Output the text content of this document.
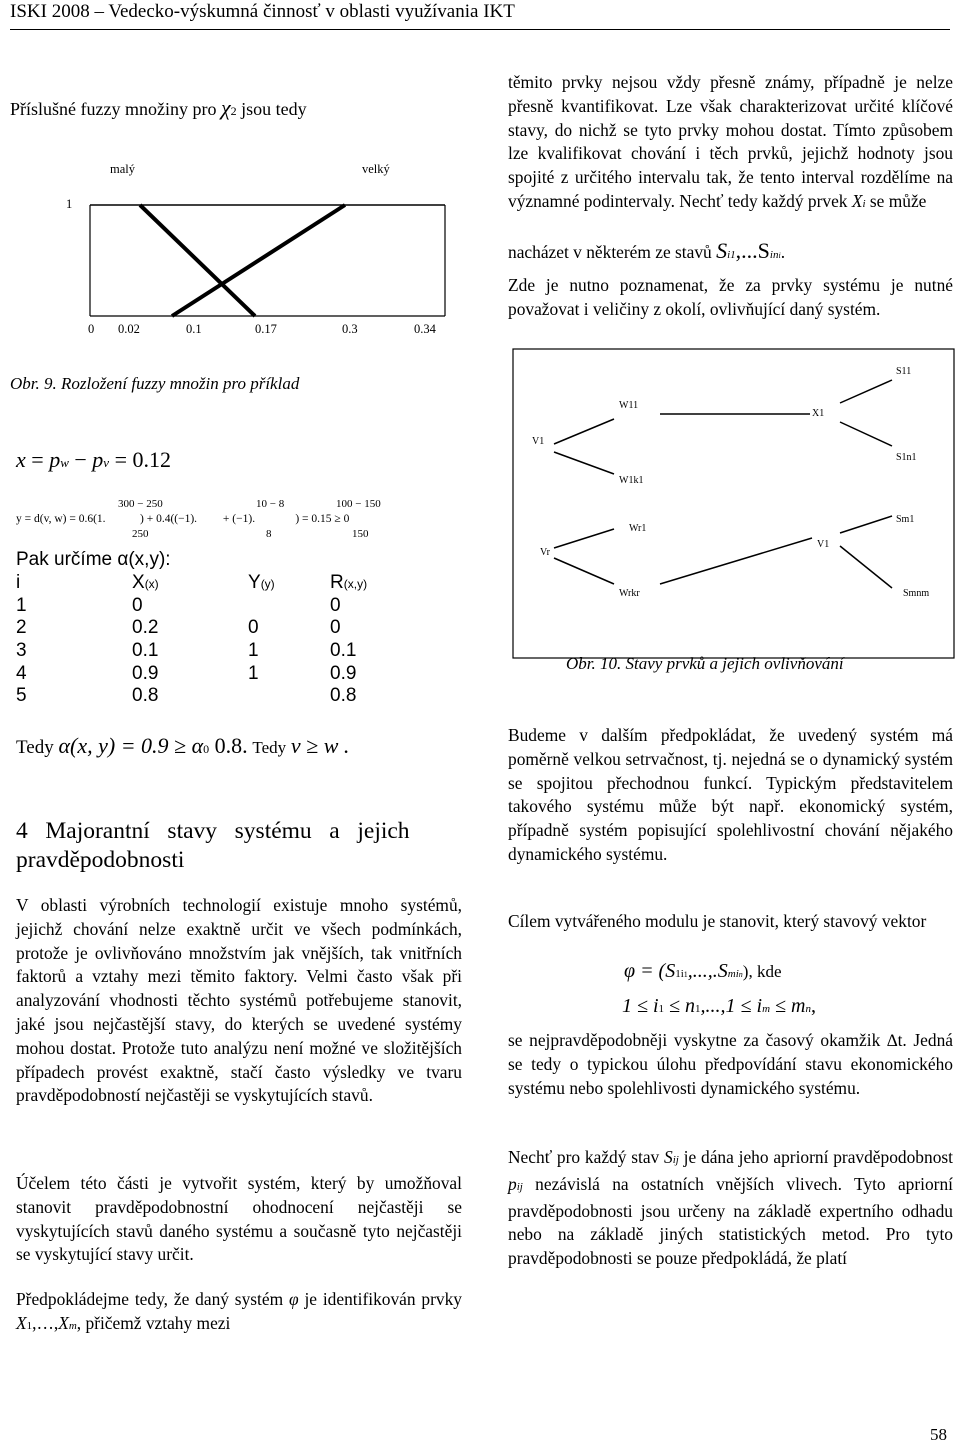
ISKI 2008 – Vedecko-výskumná činnosť v oblasti využívania IKT
Příslušné fuzzy množiny pro χ2 jsou tedy
malý	velký
1
0 0.02	0.1	0.17	0.3	0.34
Obr. 9. Rozložení fuzzy množin pro příklad
x = pw − pv = 0.12
300 − 250	10 − 8	100 − 150
y = d(v, w) = 0.6(1.            ) + 0.4((−1).         + (−1).              ) = 0.15 ≥ 0
250	8	150
Pak určíme α(x,y):
i	X(x)	Y(y)	R(x,y)
1	0		0
2	0.2	0	0
3	0.1	1	0.1
4	0.9	1	0.9
5	0.8		0.8
Tedy α(x, y) = 0.9 ≥ α0 0.8. Tedy v ≥ w .
4   Majorantní   stavy   systému   a   jejich
pravděpodobnosti
V oblasti výrobních technologií existuje mnoho systémů, jejichž chování nelze exaktně určit ve všech podmínkách, protože je ovlivňováno množstvím jak vnějších, tak vnitřních faktorů a vztahy mezi těmito faktory. Velmi často však při analyzování vhodnosti těchto systémů potřebujeme stanovit, jaké jsou nejčastější stavy, do kterých se uvedené systémy mohou dostat. Protože tuto analýzu není možné ve složitějších případech provést exaktně, stačí často výsledky ve tvaru pravděpodobností nejčastěji se vyskytujících stavů.
Účelem této části je vytvořit systém, který by umožňoval stanovit pravděpodobnostní ohodnocení nejčastěji se vyskytujících stavů daného systému a současně tyto nejčastěji se vyskytující stavy určit.
Předpokládejme tedy, že daný systém φ je identifikován prvky X1,…,Xm, přičemž vztahy mezi
těmito prvky nejsou vždy přesně známy, případně je nelze přesně kvantifikovat. Lze však charakterizovat určité klíčové stavy, do nichž se tyto prvky mohou dostat. Tímto způsobem lze kvalifikovat chování i těch prvků, jejichž hodnoty jsou spojité z určitého intervalu tak, že tento interval rozdělíme na významné podintervaly. Nechť tedy každý prvek Xi se může
nacházet v některém ze stavů Si1,...Sini.
Zde je nutno poznamenat, že za prvky systému je nutné považovat i veličiny z okolí, ovlivňující daný systém.
S11
W11
X1
V1
S1n1
W1k1
Sm1
Wr1
V1
Vr
Wrkr	Smnm
Obr. 10. Stavy prvků a jejich ovlivňování
Budeme v dalším předpokládat, že uvedený systém má poměrně velkou setrvačnost, tj. nejedná se o dynamický systém se spojitou přechodnou funkcí. Typickým představitelem takového systému může být např. ekonomický systém, případně systém popisující spolehlivostní chování nějakého dynamického systému.
Cílem vytvářeného modulu je stanovit, který stavový vektor
φ = (S1i1,...,.Smin), kde
1 ≤ i1 ≤ n1,...,1 ≤ im ≤ mn,
se nejpravděpodobněji vyskytne za časový okamžik ∆t. Jedná se tedy o typickou úlohu předpovídání stavu ekonomického systému nebo spolehlivosti dynamického systému.
Nechť pro každý stav Sij je dána jeho apriorní pravděpodobnost pij nezávislá na ostatních vnějších vlivech. Tyto apriorní pravděpodobnosti jsou určeny na základě expertního odhadu nebo na základě jiných statistických metod. Pro tyto pravděpodobnosti se pouze předpokládá, že platí
58
